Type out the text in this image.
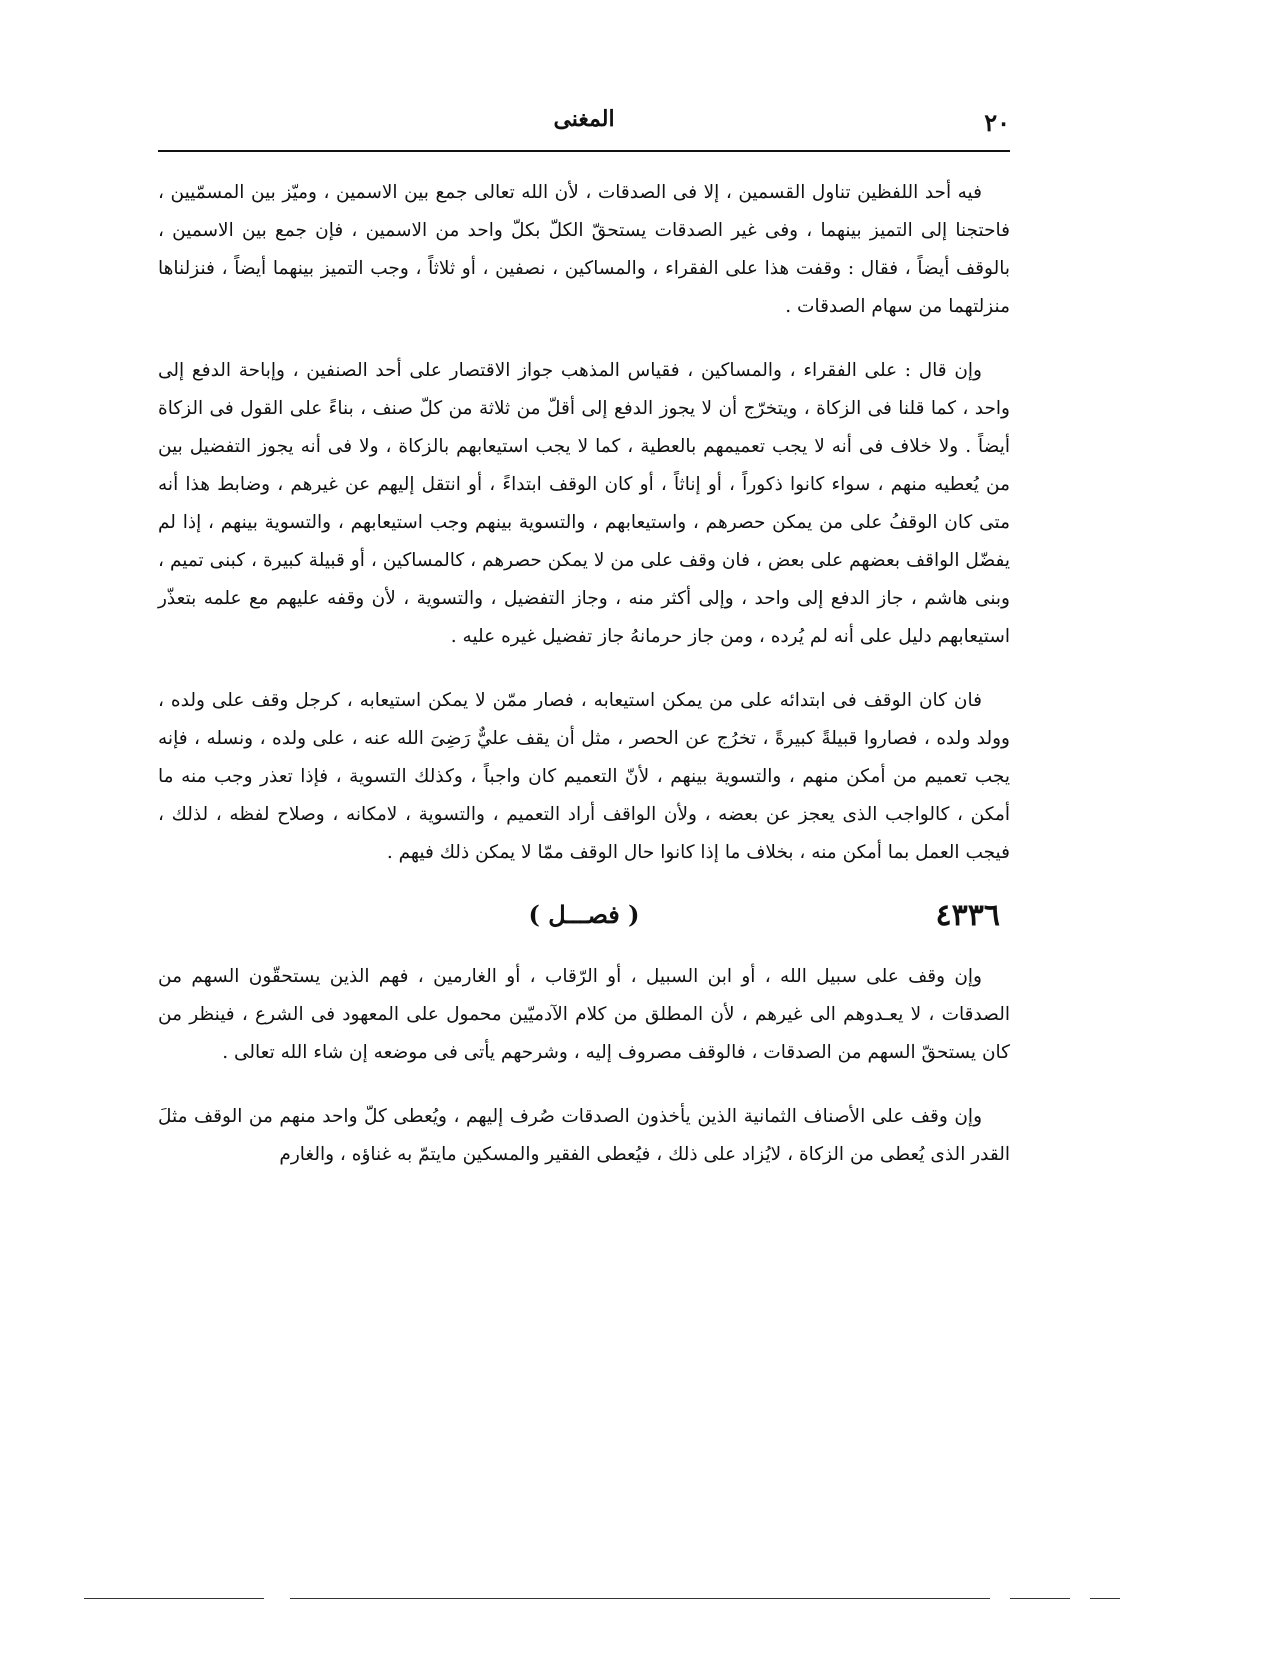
٢٠
المغنى

فيه أحد اللفظين تناول القسمين ، إلا فى الصدقات ، لأن الله تعالى جمع بين الاسمين ، وميّز بين المسمّيين ، فاحتجنا إلى التميز بينهما ، وفى غير الصدقات يستحقّ الكلّ بكلّ واحد من الاسمين ، فإن جمع بين الاسمين ، بالوقف أيضاً ، فقال : وقفت هذا على الفقراء ، والمساكين ، نصفين ، أو ثلاثاً ، وجب التميز بينهما أيضاً ، فنزلناها منزلتهما من سهام الصدقات .

وإن قال : على الفقراء ، والمساكين ، فقياس المذهب جواز الاقتصار على أحد الصنفين ، وإباحة الدفع إلى واحد ، كما قلنا فى الزكاة ، ويتخرّج أن لا يجوز الدفع إلى أقلّ من ثلاثة من كلّ صنف ، بناءً على القول فى الزكاة أيضاً . ولا خلاف فى أنه لا يجب تعميمهم بالعطية ، كما لا يجب استيعابهم بالزكاة ، ولا فى أنه يجوز التفضيل بين من يُعطيه منهم ، سواء كانوا ذكوراً ، أو إناثاً ، أو كان الوقف ابتداءً ، أو انتقل إليهم عن غيرهم ، وضابط هذا أنه متى كان الوقفُ على من يمكن حصرهم ، واستيعابهم ، والتسوية بينهم وجب استيعابهم ، والتسوية بينهم ، إذا لم يفضّل الواقف بعضهم على بعض ، فان وقف على من لا يمكن حصرهم ، كالمساكين ، أو قبيلة كبيرة ، كبنى تميم ، وبنى هاشم ، جاز الدفع إلى واحد ، وإلى أكثر منه ، وجاز التفضيل ، والتسوية ، لأن وقفه عليهم مع علمه بتعذّر استيعابهم دليل على أنه لم يُرده ، ومن جاز حرمانهُ جاز تفضيل غيره عليه .

فان كان الوقف فى ابتدائه على من يمكن استيعابه ، فصار ممّن لا يمكن استيعابه ، كرجل وقف على ولده ، وولد ولده ، فصاروا قبيلةً كبيرةً ، تخرُج عن الحصر ، مثل أن يقف عليٌّ رَضِىَ الله عنه ، على ولده ، ونسله ، فإنه يجب تعميم من أمكن منهم ، والتسوية بينهم ، لأنّ التعميم كان واجباً ، وكذلك التسوية ، فإذا تعذر وجب منه ما أمكن ، كالواجب الذى يعجز عن بعضه ، ولأن الواقف أراد التعميم ، والتسوية ، لامكانه ، وصلاح لفظه ، لذلك ، فيجب العمل بما أمكن منه ، بخلاف ما إذا كانوا حال الوقف ممّا لا يمكن ذلك فيهم .

٤٣٣٦
( فصـــل )

وإن وقف على سبيل الله ، أو ابن السبيل ، أو الرّقاب ، أو الغارمين ، فهم الذين يستحقّون السهم من الصدقات ، لا يعـدوهم الى غيرهم ، لأن المطلق من كلام الآدميّين محمول على المعهود فى الشرع ، فينظر من كان يستحقّ السهم من الصدقات ، فالوقف مصروف إليه ، وشرحهم يأتى فى موضعه إن شاء الله تعالى .

وإن وقف على الأصناف الثمانية الذين يأخذون الصدقات صُرف إليهم ، ويُعطى كلّ واحد منهم من الوقف مثلَ القدر الذى يُعطى من الزكاة ، لايُزاد على ذلك ، فيُعطى الفقير والمسكين مايتمّ به غناؤه ، والغارم
